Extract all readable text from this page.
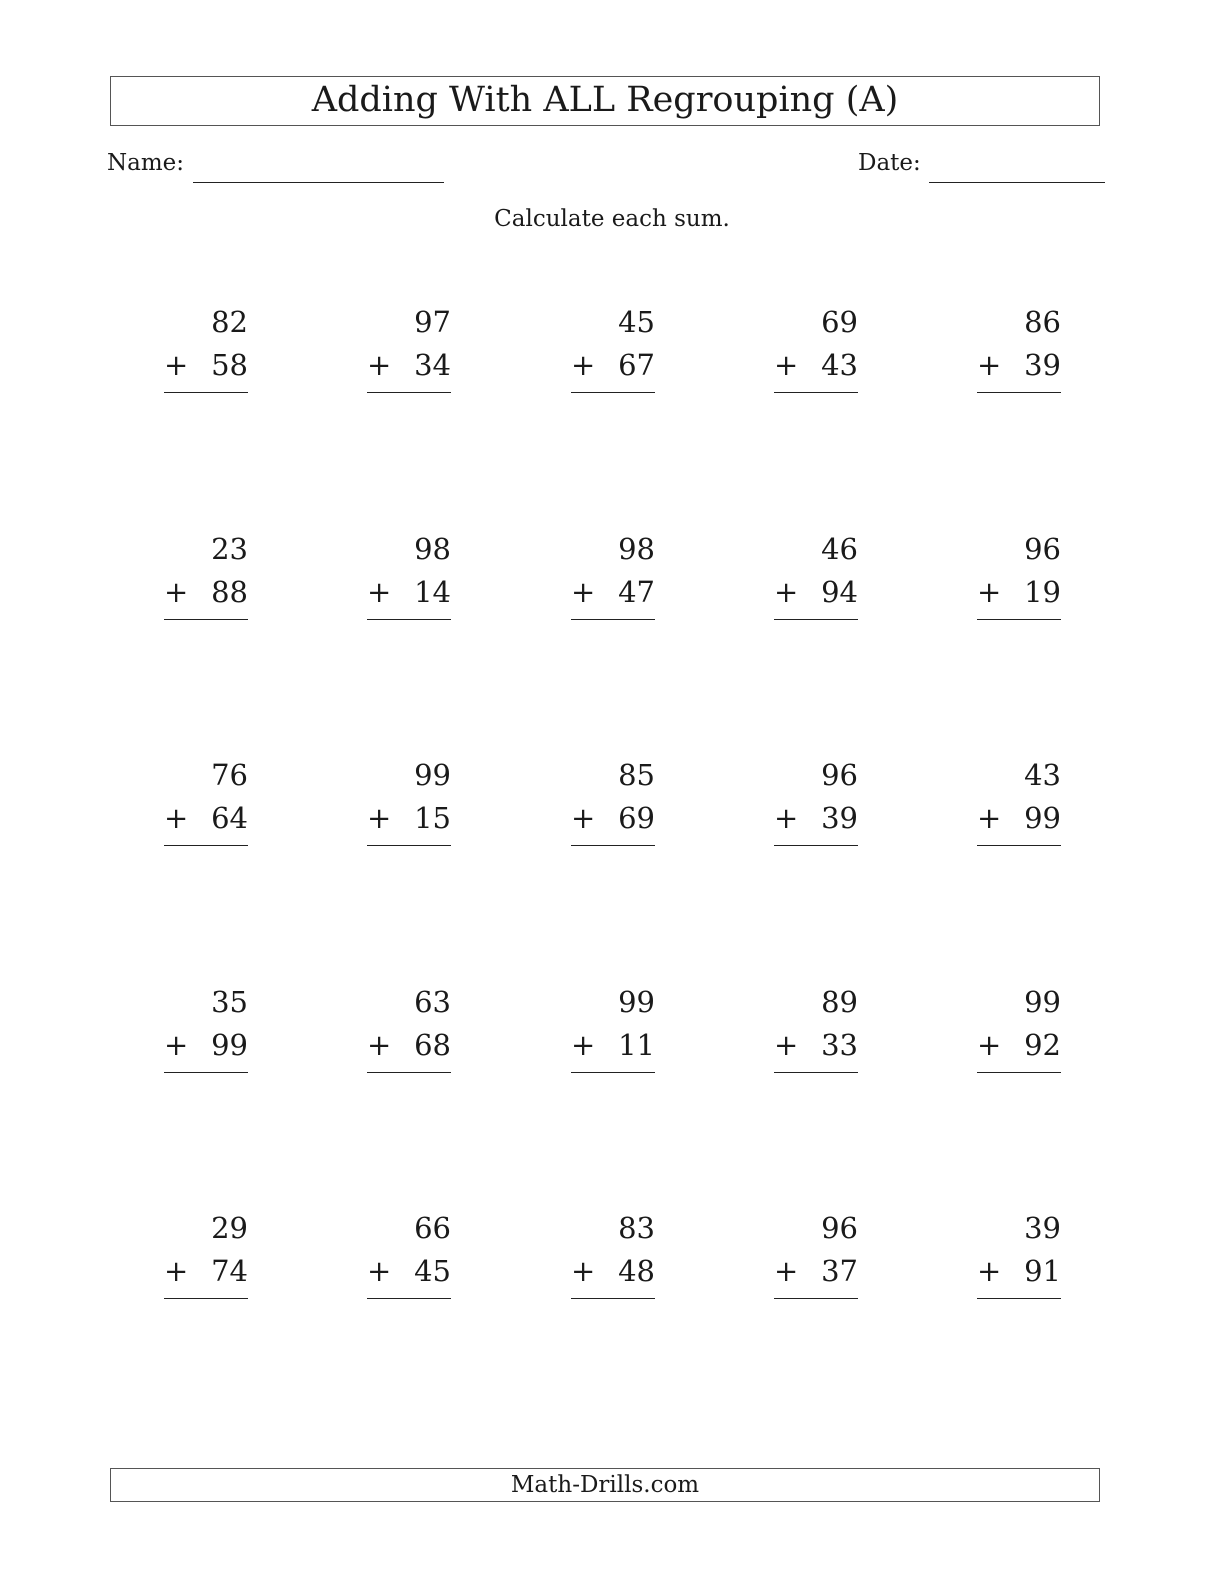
Adding With ALL Regrouping (A)
Name:	Date:
Calculate each sum.
82
+ 58
97
+ 34
45
+ 67
69
+ 43
86
+ 39
23
+ 88
98
+ 14
98
+ 47
46
+ 94
96
+ 19
76
+ 64
99
+ 15
85
+ 69
96
+ 39
43
+ 99
35
+ 99
63
+ 68
99
+ 11
89
+ 33
99
+ 92
29
+ 74
66
+ 45
83
+ 48
96
+ 37
39
+ 91
Math-Drills.com
